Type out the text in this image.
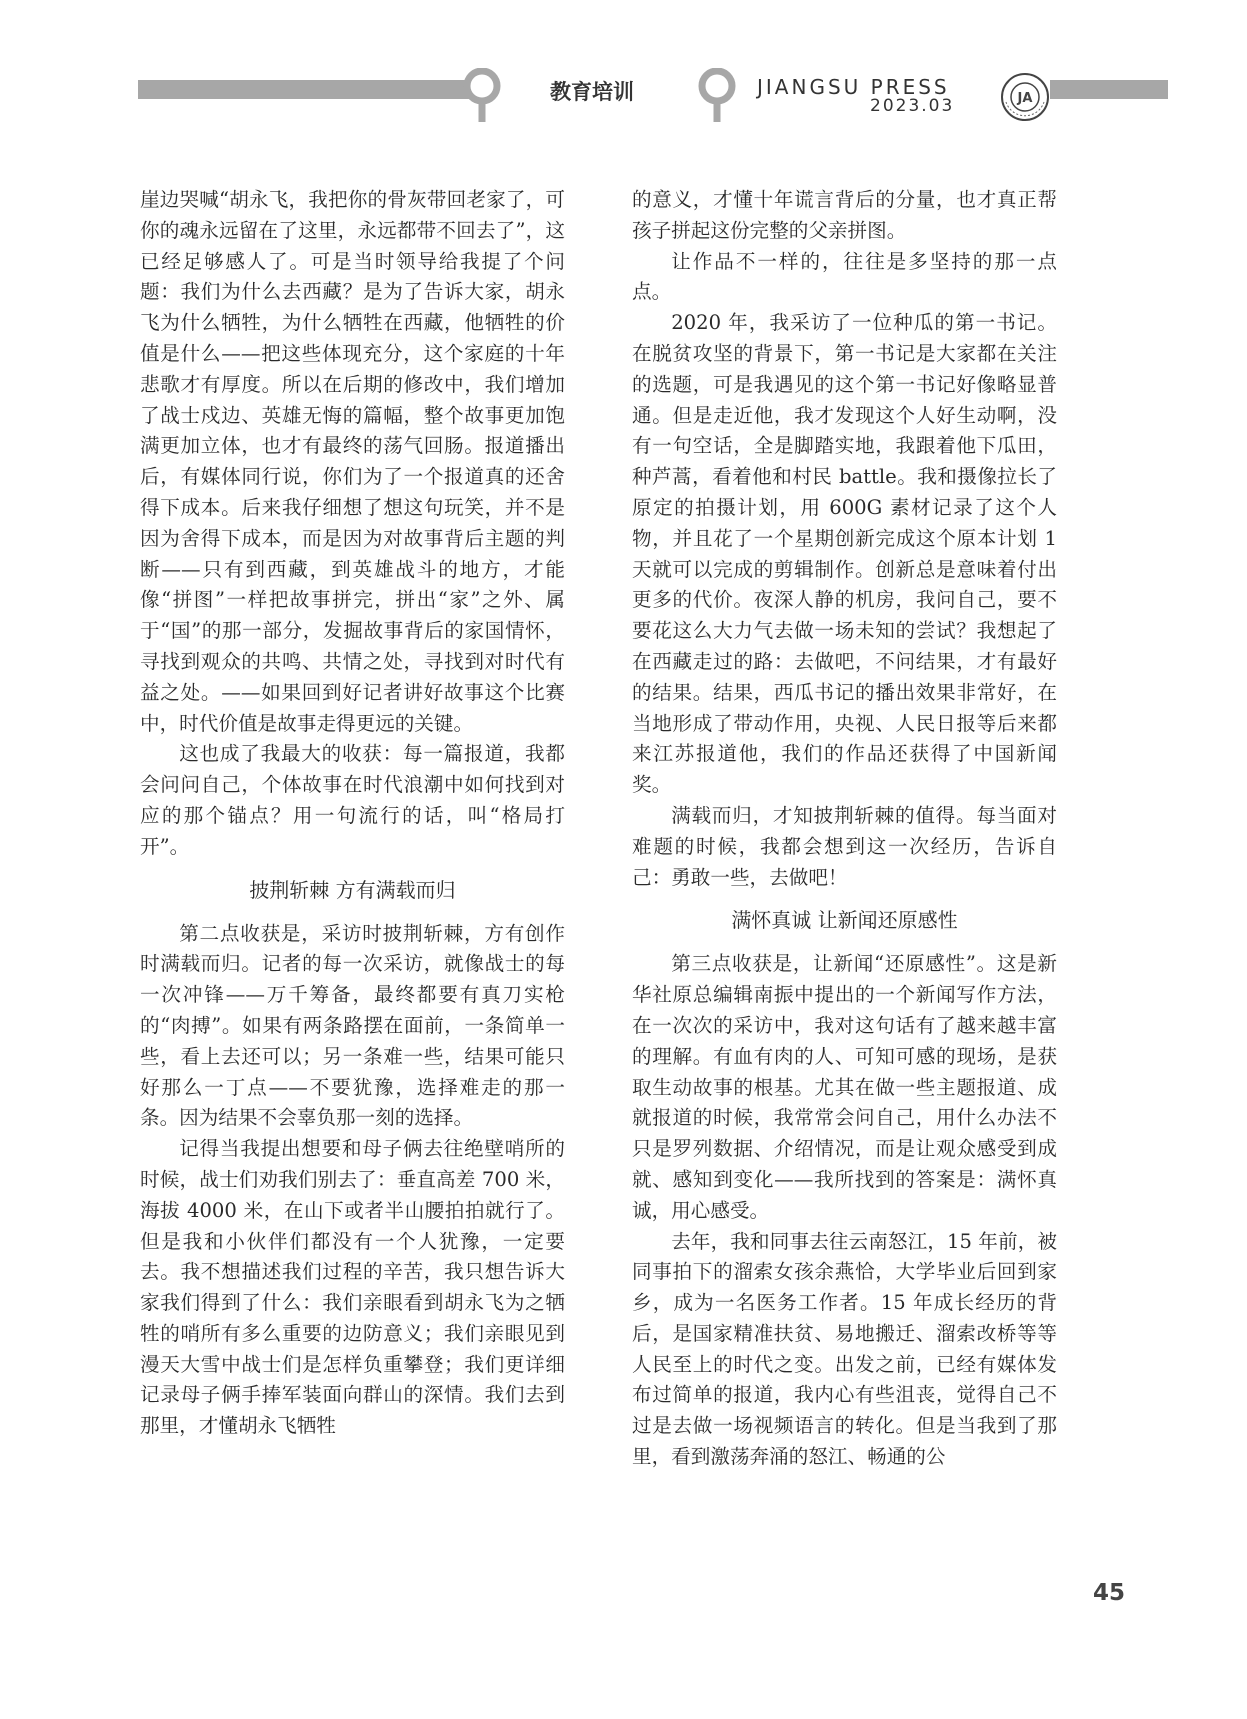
教育培训	JIANGSU PRESS
2023.03	JA

崖边哭喊“胡永飞，我把你的骨灰带回老家了，可你的魂永远留在了这里，永远都带不回去了”，这已经足够感人了。可是当时领导给我提了个问题：我们为什么去西藏？是为了告诉大家，胡永飞为什么牺牲，为什么牺牲在西藏，他牺牲的价值是什么——把这些体现充分，这个家庭的十年悲歌才有厚度。所以在后期的修改中，我们增加了战士戍边、英雄无悔的篇幅，整个故事更加饱满更加立体，也才有最终的荡气回肠。报道播出后，有媒体同行说，你们为了一个报道真的还舍得下成本。后来我仔细想了想这句玩笑，并不是因为舍得下成本，而是因为对故事背后主题的判断——只有到西藏，到英雄战斗的地方，才能像“拼图”一样把故事拼完，拼出“家”之外、属于“国”的那一部分，发掘故事背后的家国情怀，寻找到观众的共鸣、共情之处，寻找到对时代有益之处。——如果回到好记者讲好故事这个比赛中，时代价值是故事走得更远的关键。

这也成了我最大的收获：每一篇报道，我都会问问自己，个体故事在时代浪潮中如何找到对应的那个锚点？用一句流行的话，叫“格局打开”。

披荆斩棘 方有满载而归

第二点收获是，采访时披荆斩棘，方有创作时满载而归。记者的每一次采访，就像战士的每一次冲锋——万千筹备，最终都要有真刀实枪的“肉搏”。如果有两条路摆在面前，一条简单一些，看上去还可以；另一条难一些，结果可能只好那么一丁点——不要犹豫，选择难走的那一条。因为结果不会辜负那一刻的选择。

记得当我提出想要和母子俩去往绝壁哨所的时候，战士们劝我们别去了：垂直高差 700 米，海拔 4000 米，在山下或者半山腰拍拍就行了。但是我和小伙伴们都没有一个人犹豫，一定要去。我不想描述我们过程的辛苦，我只想告诉大家我们得到了什么：我们亲眼看到胡永飞为之牺牲的哨所有多么重要的边防意义；我们亲眼见到漫天大雪中战士们是怎样负重攀登；我们更详细记录母子俩手捧军装面向群山的深情。我们去到那里，才懂胡永飞牺牲

的意义，才懂十年谎言背后的分量，也才真正帮孩子拼起这份完整的父亲拼图。

让作品不一样的，往往是多坚持的那一点点。

2020 年，我采访了一位种瓜的第一书记。在脱贫攻坚的背景下，第一书记是大家都在关注的选题，可是我遇见的这个第一书记好像略显普通。但是走近他，我才发现这个人好生动啊，没有一句空话，全是脚踏实地，我跟着他下瓜田，种芦蒿，看着他和村民 battle。我和摄像拉长了原定的拍摄计划，用 600G 素材记录了这个人物，并且花了一个星期创新完成这个原本计划 1 天就可以完成的剪辑制作。创新总是意味着付出更多的代价。夜深人静的机房，我问自己，要不要花这么大力气去做一场未知的尝试？我想起了在西藏走过的路：去做吧，不问结果，才有最好的结果。结果，西瓜书记的播出效果非常好，在当地形成了带动作用，央视、人民日报等后来都来江苏报道他，我们的作品还获得了中国新闻奖。

满载而归，才知披荆斩棘的值得。每当面对难题的时候，我都会想到这一次经历，告诉自己：勇敢一些，去做吧！

满怀真诚 让新闻还原感性

第三点收获是，让新闻“还原感性”。这是新华社原总编辑南振中提出的一个新闻写作方法，在一次次的采访中，我对这句话有了越来越丰富的理解。有血有肉的人、可知可感的现场，是获取生动故事的根基。尤其在做一些主题报道、成就报道的时候，我常常会问自己，用什么办法不只是罗列数据、介绍情况，而是让观众感受到成就、感知到变化——我所找到的答案是：满怀真诚，用心感受。

去年，我和同事去往云南怒江，15 年前，被同事拍下的溜索女孩余燕恰，大学毕业后回到家乡，成为一名医务工作者。15 年成长经历的背后，是国家精准扶贫、易地搬迁、溜索改桥等等人民至上的时代之变。出发之前，已经有媒体发布过简单的报道，我内心有些沮丧，觉得自己不过是去做一场视频语言的转化。但是当我到了那里，看到激荡奔涌的怒江、畅通的公

45
